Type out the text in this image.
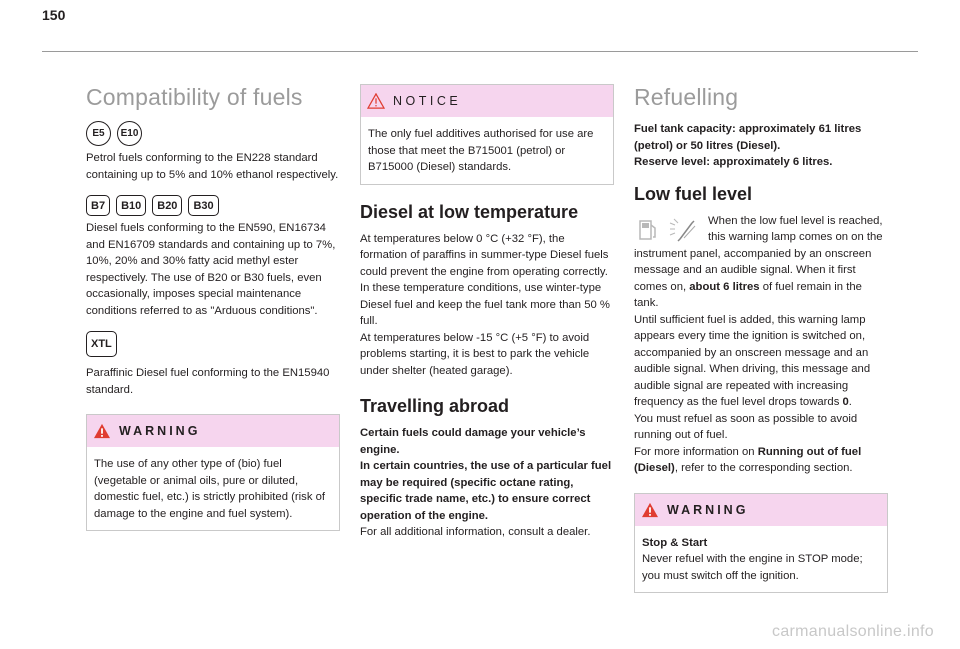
150
Compatibility of fuels
E5	E10

Petrol fuels conforming to the EN228 standard containing up to 5% and 10% ethanol respectively.

B7	B10	B20	B30

Diesel fuels conforming to the EN590, EN16734 and EN16709 standards and containing up to 7%, 10%, 20% and 30% fatty acid methyl ester respectively. The use of B20 or B30 fuels, even occasionally, imposes special maintenance conditions referred to as "Arduous conditions".

XTL

Paraffinic Diesel fuel conforming to the EN15940 standard.

WARNING

The use of any other type of (bio) fuel (vegetable or animal oils, pure or diluted, domestic fuel, etc.) is strictly prohibited (risk of damage to the engine and fuel system).

NOTICE

The only fuel additives authorised for use are those that meet the B715001 (petrol) or B715000 (Diesel) standards.

Diesel at low temperature

At temperatures below 0 °C (+32 °F), the formation of paraffins in summer-type Diesel fuels could prevent the engine from operating correctly. In these temperature conditions, use winter-type Diesel fuel and keep the fuel tank more than 50 % full.

At temperatures below -15 °C (+5 °F) to avoid problems starting, it is best to park the vehicle under shelter (heated garage).

Travelling abroad

Certain fuels could damage your vehicle’s engine.

In certain countries, the use of a particular fuel may be required (specific octane rating, specific trade name, etc.) to ensure correct operation of the engine.

For all additional information, consult a dealer.

Refuelling

Fuel tank capacity: approximately 61 litres (petrol) or 50 litres (Diesel).

Reserve level: approximately 6 litres.

Low fuel level

When the low fuel level is reached, this warning lamp comes on on the instrument panel, accompanied by an onscreen message and an audible signal. When it first comes on, about 6 litres of fuel remain in the tank.

Until sufficient fuel is added, this warning lamp appears every time the ignition is switched on, accompanied by an onscreen message and an audible signal. When driving, this message and audible signal are repeated with increasing frequency as the fuel level drops towards 0.

You must refuel as soon as possible to avoid running out of fuel.

For more information on Running out of fuel (Diesel), refer to the corresponding section.

WARNING

Stop & Start

Never refuel with the engine in STOP mode; you must switch off the ignition.

carmanualsonline.info
